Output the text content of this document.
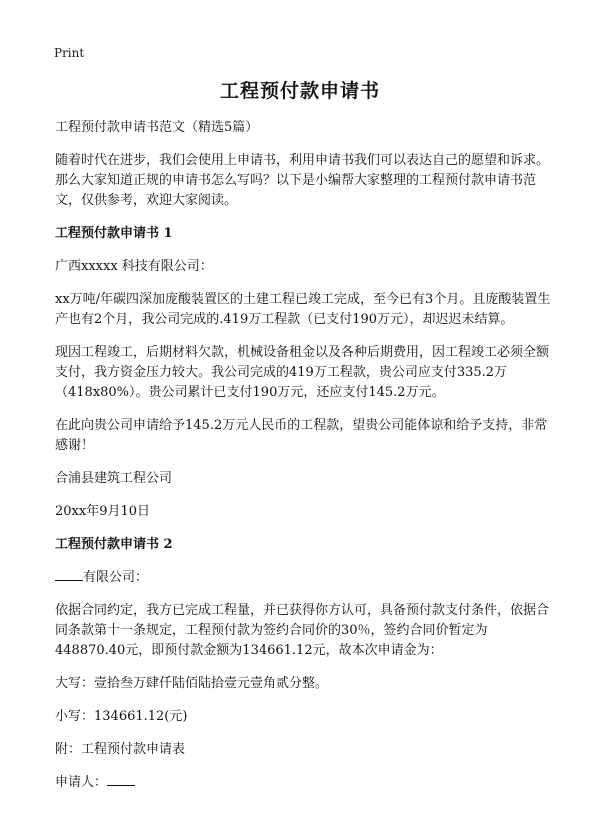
Print
工程预付款申请书

工程预付款申请书范文（精选5篇）

随着时代在进步，我们会使用上申请书，利用申请书我们可以表达自己的愿望和诉求。那么大家知道正规的申请书怎么写吗？以下是小编帮大家整理的工程预付款申请书范文，仅供参考，欢迎大家阅读。

工程预付款申请书 1

广西xxxxx 科技有限公司：

xx万吨/年碳四深加庞酸装置区的土建工程已竣工完成，至今已有3个月。且庞酸装置生产也有2个月，我公司完成的.419万工程款（已支付190万元），却迟迟未结算。

现因工程竣工，后期材料欠款，机械设备租金以及各种后期费用，因工程竣工必须全额支付，我方资金压力较大。我公司完成的419万工程款，贵公司应支付335.2万（418x80%）。贵公司累计已支付190万元，还应支付145.2万元。

在此向贵公司申请给予145.2万元人民币的工程款，望贵公司能体谅和给予支持，非常感谢！

合浦县建筑工程公司

20xx年9月10日

工程预付款申请书 2

有限公司：

依据合同约定，我方已完成工程量，并已获得你方认可，具备预付款支付条件，依据合同条款第十一条规定，工程预付款为签约合同价的30％，签约合同价暂定为448870.40元，即预付款金额为134661.12元，故本次申请金为：

大写：壹拾叁万肆仟陆佰陆拾壹元壹角贰分整。

小写：134661.12(元)

附：工程预付款申请表

申请人：
